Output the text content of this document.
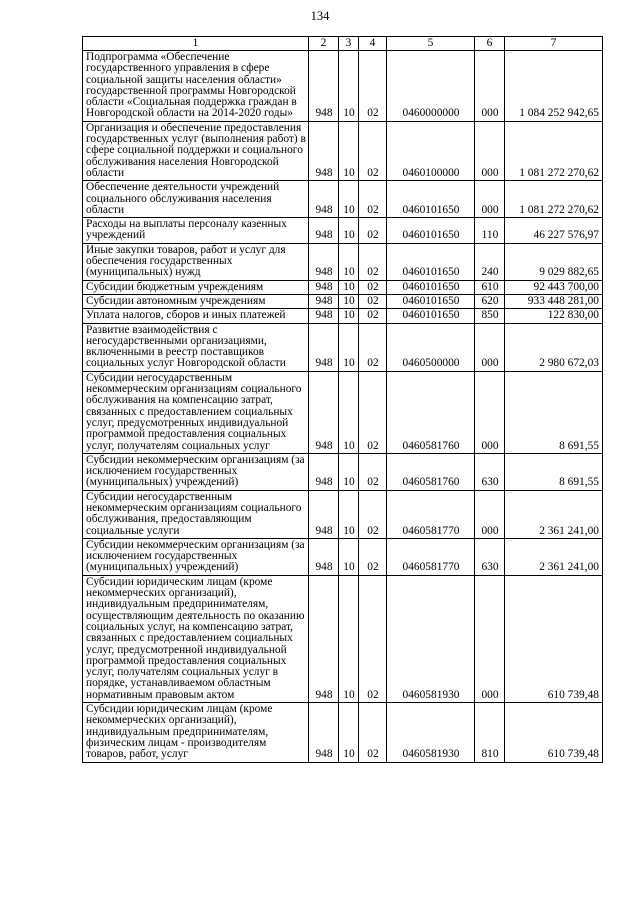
134
1	2	3	4	5	6	7
Подпрограмма «Обеспечение государственного управления в сфере социальной защиты населения области» государственной программы Новгородской области «Социальная поддержка граждан в Новгородской области на 2014-2020 годы»	948	10	02	0460000000	000	1 084 252 942,65
Организация и обеспечение предоставления государственных услуг (выполнения работ) в сфере социальной поддержки и социального обслуживания населения Новгородской области	948	10	02	0460100000	000	1 081 272 270,62
Обеспечение деятельности учреждений социального обслуживания населения области	948	10	02	0460101650	000	1 081 272 270,62
Расходы на выплаты персоналу казенных учреждений	948	10	02	0460101650	110	46 227 576,97
Иные закупки товаров, работ и услуг для обеспечения государственных (муниципальных) нужд	948	10	02	0460101650	240	9 029 882,65
Субсидии бюджетным учреждениям	948	10	02	0460101650	610	92 443 700,00
Субсидии автономным учреждениям	948	10	02	0460101650	620	933 448 281,00
Уплата налогов, сборов и иных платежей	948	10	02	0460101650	850	122 830,00
Развитие взаимодействия с негосударственными организациями, включенными в реестр поставщиков социальных услуг Новгородской области	948	10	02	0460500000	000	2 980 672,03
Субсидии негосударственным некоммерческим организациям социального обслуживания на компенсацию затрат, связанных с предоставлением социальных услуг, предусмотренных индивидуальной программой предоставления социальных услуг, получателям социальных услуг	948	10	02	0460581760	000	8 691,55
Субсидии некоммерческим организациям (за исключением государственных (муниципальных) учреждений)	948	10	02	0460581760	630	8 691,55
Субсидии негосударственным некоммерческим организациям социального обслуживания, предоставляющим социальные услуги	948	10	02	0460581770	000	2 361 241,00
Субсидии некоммерческим организациям (за исключением государственных (муниципальных) учреждений)	948	10	02	0460581770	630	2 361 241,00
Субсидии юридическим лицам (кроме некоммерческих организаций), индивидуальным предпринимателям, осуществляющим деятельность по оказанию социальных услуг, на компенсацию затрат, связанных с предоставлением социальных услуг, предусмотренной индивидуальной программой предоставления социальных услуг, получателям социальных услуг в порядке, устанавливаемом областным нормативным правовым актом	948	10	02	0460581930	000	610 739,48
Субсидии юридическим лицам (кроме некоммерческих организаций), индивидуальным предпринимателям, физическим лицам - производителям товаров, работ, услуг	948	10	02	0460581930	810	610 739,48
